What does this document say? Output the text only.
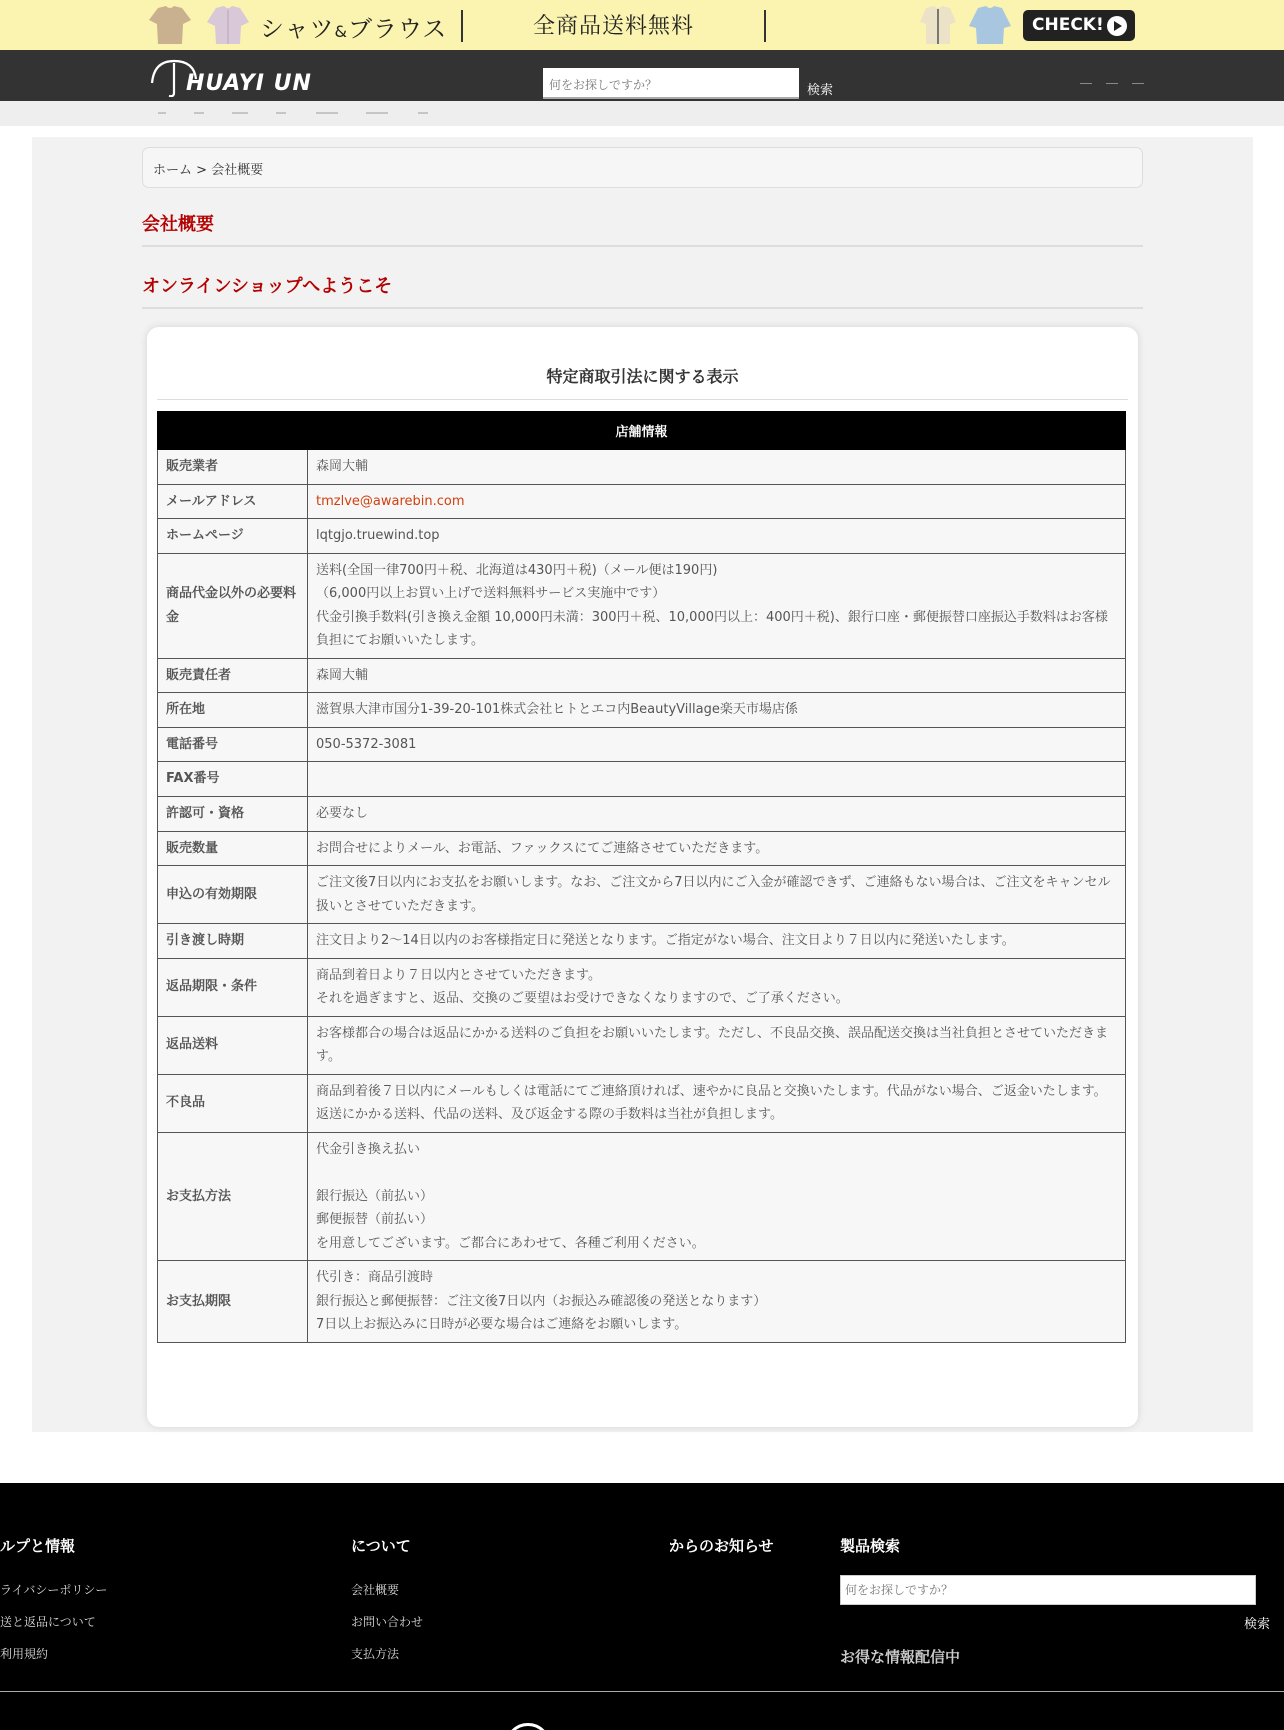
シャツ&ブラウス	全商品送料無料	CHECK!
HUAYI UN
何をお探しですか？	検索
ホーム > 会社概要
会社概要
オンラインショップへようこそ
特定商取引法に関する表示
店舗情報	
販売業者	森岡大輔

メールアドレス	tmzlve@awarebin.com

ホームページ	lqtgjo.truewind.top

商品代金以外の必要料金	送料(全国一律700円＋税、北海道は430円＋税)（メール便は190円)
（6,000円以上お買い上げで送料無料サービス実施中です）
代金引換手数料(引き換え金額 10,000円未満：300円＋税、10,000円以上：400円＋税)、銀行口座・郵便振替口座振込手数料はお客様負担にてお願いいたします。

販売責任者	森岡大輔

所在地	滋賀県大津市国分1-39-20-101株式会社ヒトとエコ内BeautyVillage楽天市場店係

電話番号	050-5372-3081

FAX番号	

許認可・資格	必要なし

販売数量	お問合せによりメール、お電話、ファックスにてご連絡させていただきます。

申込の有効期限	ご注文後7日以内にお支払をお願いします。なお、ご注文から7日以内にご入金が確認できず、ご連絡もない場合は、ご注文をキャンセル扱いとさせていただきます。

引き渡し時期	注文日より2〜14日以内のお客様指定日に発送となります。ご指定がない場合、注文日より７日以内に発送いたします。

返品期限・条件	商品到着日より７日以内とさせていただきます。
それを過ぎますと、返品、交換のご要望はお受けできなくなりますので、ご了承ください。

返品送料	お客様都合の場合は返品にかかる送料のご負担をお願いいたします。ただし、不良品交換、誤品配送交換は当社負担とさせていただきます。

不良品	商品到着後７日以内にメールもしくは電話にてご連絡頂ければ、速やかに良品と交換いたします。代品がない場合、ご返金いたします。返送にかかる送料、代品の送料、及び返金する際の手数料は当社が負担します。

お支払方法	代金引き換え払い

銀行振込（前払い）
郵便振替（前払い）
を用意してございます。ご都合にあわせて、各種ご利用ください。

お支払期限	代引き：商品引渡時
銀行振込と郵便振替：ご注文後7日以内（お振込み確認後の発送となります）
7日以上お振込みに日時が必要な場合はご連絡をお願いします。
ルプと情報
ライバシーポリシー
送と返品について
利用規約
について
会社概要
お問い合わせ
支払方法
からのお知らせ	製品検索
何をお探しですか？
検索
お得な情報配信中
